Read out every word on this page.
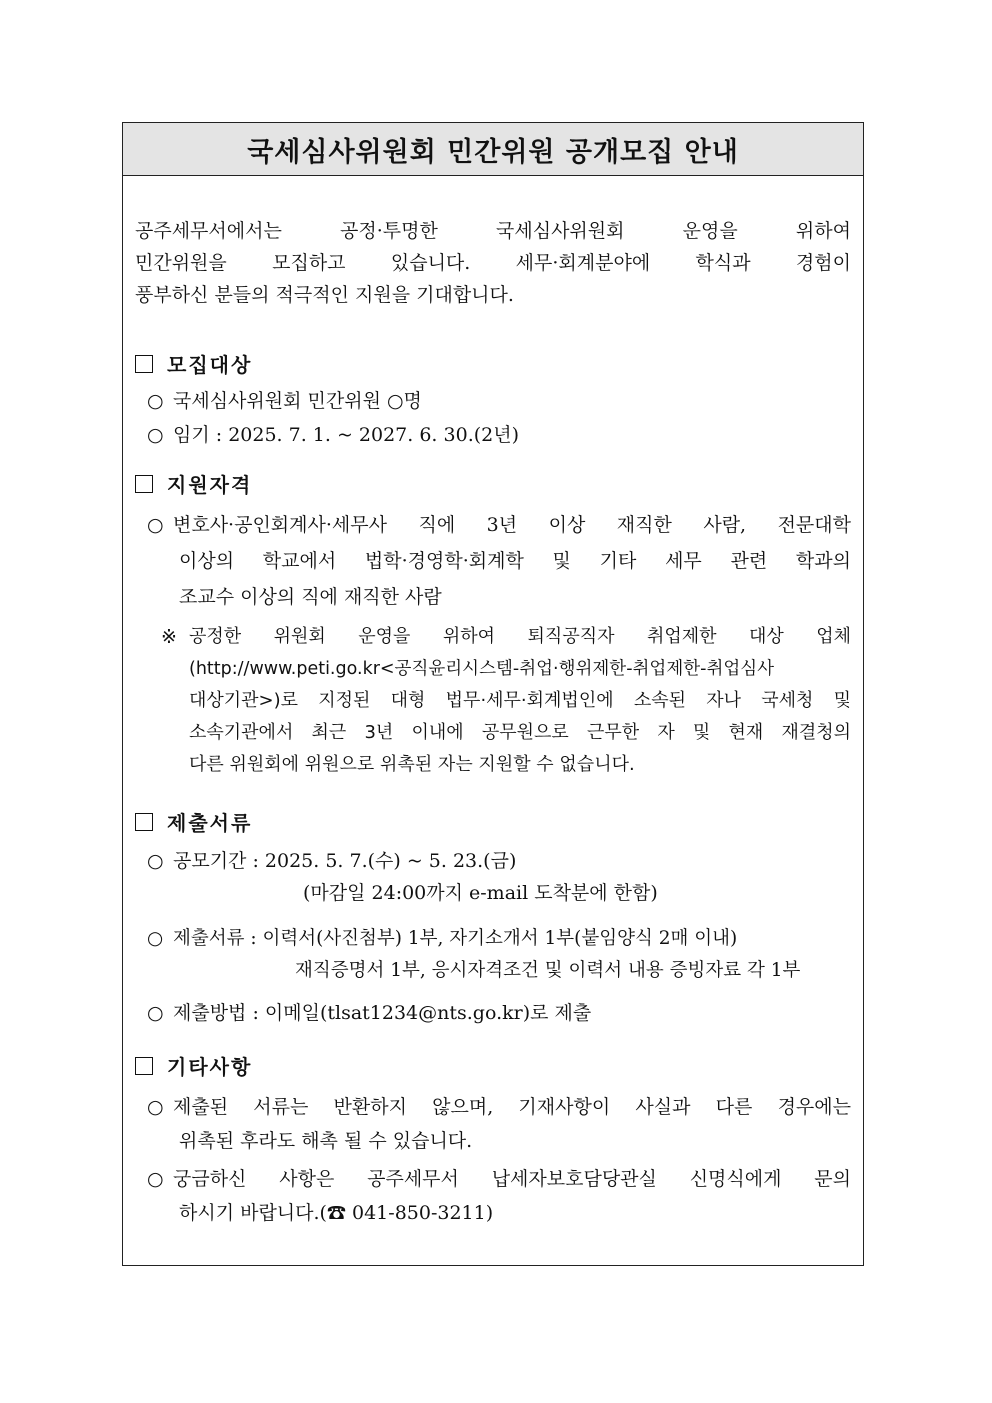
국세심사위원회 민간위원 공개모집 안내
공주세무서에서는 공정·투명한 국세심사위원회 운영을 위하여
민간위원을 모집하고 있습니다. 세무·회계분야에 학식과 경험이
풍부하신 분들의 적극적인 지원을 기대합니다.
모집대상
○ 국세심사위원회 민간위원 ○명
○ 임기 : 2025. 7. 1. ~ 2027. 6. 30.(2년)
지원자격
○ 변호사·공인회계사·세무사 직에 3년 이상 재직한 사람, 전문대학
이상의 학교에서 법학·경영학·회계학 및 기타 세무 관련 학과의
조교수 이상의 직에 재직한 사람
※ 공정한 위원회 운영을 위하여 퇴직공직자 취업제한 대상 업체
(http://www.peti.go.kr<공직윤리시스템-취업·행위제한-취업제한-취업심사
대상기관>)로 지정된 대형 법무·세무·회계법인에 소속된 자나 국세청 및
소속기관에서 최근 3년 이내에 공무원으로 근무한 자 및 현재 재결청의
다른 위원회에 위원으로 위촉된 자는 지원할 수 없습니다.
제출서류
○ 공모기간 : 2025. 5. 7.(수) ~ 5. 23.(금)
(마감일 24:00까지 e-mail 도착분에 한함)
○ 제출서류 : 이력서(사진첨부) 1부, 자기소개서 1부(붙임양식 2매 이내)
재직증명서 1부, 응시자격조건 및 이력서 내용 증빙자료 각 1부
○ 제출방법 : 이메일(tlsat1234@nts.go.kr)로 제출
기타사항
○ 제출된 서류는 반환하지 않으며, 기재사항이 사실과 다른 경우에는
위촉된 후라도 해촉 될 수 있습니다.
○ 궁금하신 사항은 공주세무서 납세자보호담당관실 신명식에게 문의
하시기 바랍니다.(☎ 041-850-3211)
